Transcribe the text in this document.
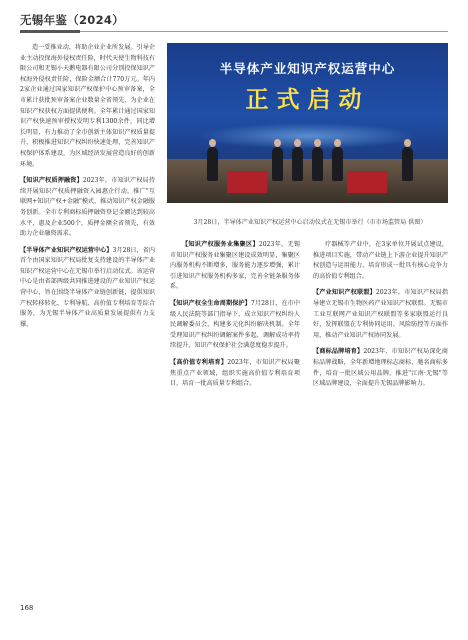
无锡年鉴（2024）

造一妥推业动，将助企业企业所发展。引导企业主动投保海外侵权责任险，时代天使生物科技有限公司和无锡小天鹅电器有限公司分别投保知识产权海外侵权责任险，保险金额合计770万元。年内2家企业通过国家知识产权保护中心预审备案，全市累计获批预审备案企业数量全省领先，为企业在知识产权获权方面提供便利。全年累计通过国家知识产权快速预审授权发明专利1300余件，同比增长明显，有力推动了全市创新主体知识产权质量提升，积极推进知识产权纠纷快速处理，完善知识产权保护体系建设，为区域经济发展营造良好的创新环境。

【知识产权质押融资】2023年，市知识产权局持续开展知识产权质押融资入园惠企行动，推广"互联网+知识产权+金融"模式，推动知识产权金融服务创新。全市专利商标质押融资登记金额达到较高水平，惠及企业500个，质押金额全省领先，有效助力企业融资需求。

【半导体产业知识产权运营中心】3月28日，省内首个由国家知识产权局批复支持建设的半导体产业知识产权运营中心在无锡市举行启动仪式。该运营中心是由省部两级共同推进建设的产业知识产权运营中心，旨在围绕半导体产业链创新链，提供知识产权转移转化、专利导航、高价值专利培育等综合服务，为无锡半导体产业高质量发展提供有力支撑。

半导体产业知识产权运营中心
正式启动
3月28日，半导体产业知识产权运营中心启动仪式在无锡市举行（市市场监管局 供图）

【知识产权服务业集聚区】2023年，无锡市知识产权服务业集聚区建设成效明显，集聚区内服务机构不断增多，服务能力逐步增强，累计引进知识产权服务机构多家，完善全链条服务体系。

【知识产权全生命周期保护】7月28日，在市中级人民法院等部门指导下，成立知识产权纠纷人民调解委员会，构建多元化纠纷解决机制。全年受理知识产权纠纷调解案件多起，调解成功率持续提升，知识产权保护社会满意度稳步提升。

【高价值专利培育】2023年，市知识产权局聚焦重点产业领域，组织实施高价值专利培育项目，培育一批高质量专利组合。

疗器械等产业中，在3家单位开展试点建设，推进项目实施，带动产业链上下游企业提升知识产权创造与运用能力，培育形成一批具有核心竞争力的高价值专利组合。

【产业知识产权联盟】2023年，市知识产权局指导建立无锡市生物医药产业知识产权联盟。无锡市工业互联网产业知识产权联盟等多家联盟运行良好，发挥联盟在专利协同运用、风险防控等方面作用，推动产业知识产权协同发展。

【商标品牌培育】2023年，市知识产权局深化商标品牌战略，全年新增地理标志商标、驰名商标多件，培育一批区域公用品牌，推进"江南·无锡"等区域品牌建设，全面提升无锡品牌影响力。

168
